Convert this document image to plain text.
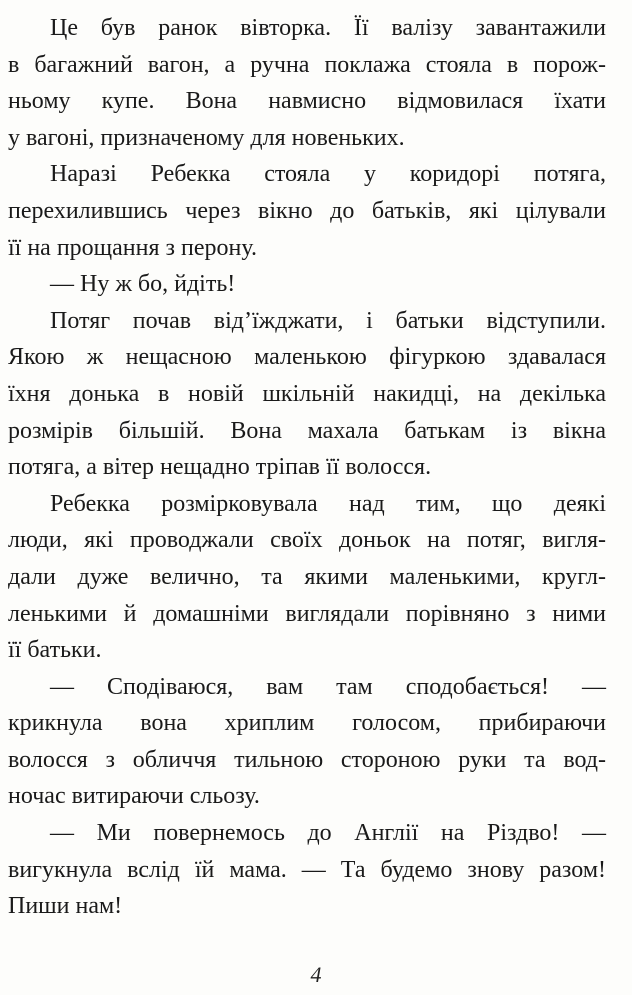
Це був ранок вівторка. Її валізу завантажили

в багажний вагон, а ручна поклажа стояла в порож-

ньому купе. Вона навмисно відмовилася їхати

у вагоні, призначеному для новеньких.

Наразі Ребекка стояла у коридорі потяга,

перехилившись через вікно до батьків, які цілували

її на прощання з перону.

— Ну ж бо, йдіть!

Потяг почав від’їжджати, і батьки відступили.

Якою ж нещасною маленькою фігуркою здавалася

їхня донька в новій шкільній накидці, на декілька

розмірів більшій. Вона махала батькам із вікна

потяга, а вітер нещадно тріпав її волосся.

Ребекка розмірковувала над тим, що деякі

люди, які проводжали своїх доньок на потяг, вигля-

дали дуже велично, та якими маленькими, кругл-

ленькими й домашніми виглядали порівняно з ними

її батьки.

— Сподіваюся, вам там сподобається! —

крикнула вона хриплим голосом, прибираючи

волосся з обличчя тильною стороною руки та вод-

ночас витираючи сльозу.

— Ми повернемось до Англії на Різдво! —

вигукнула вслід їй мама. — Та будемо знову разом!

Пиши нам!

4
